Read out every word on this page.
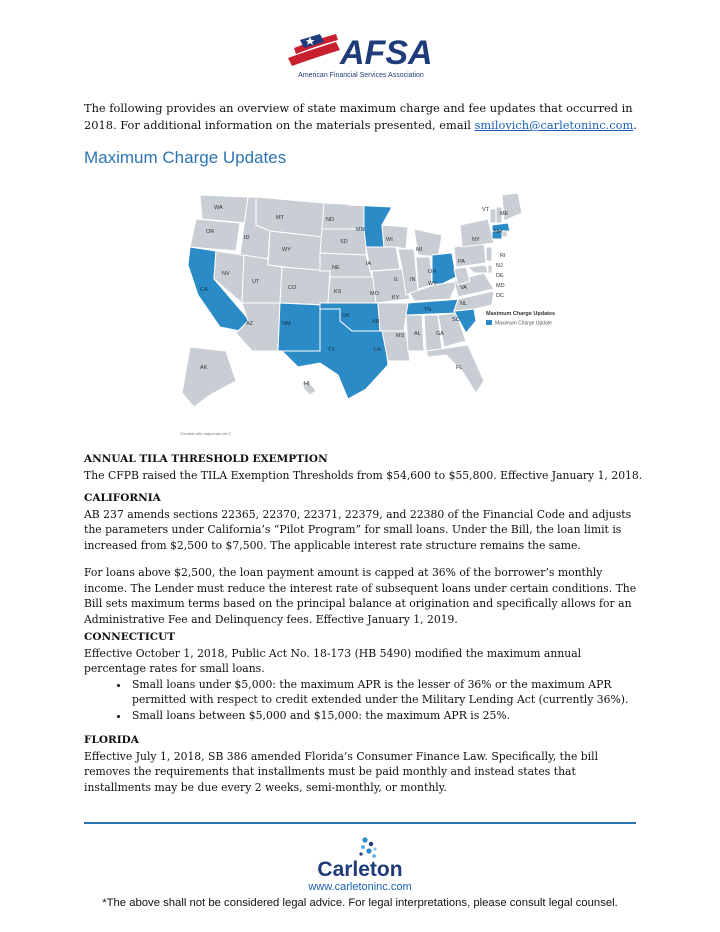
AFSA
American Financial Services Association
The following provides an overview of state maximum charge and fee updates that occurred in 2018. For additional information on the materials presented, email smilovich@carletoninc.com.
Maximum Charge Updates
WA
OR
CA
NV
ID
MT
WY
UT
AZ
CO
NM
ND
SD
NE
KS
OK
TX
MN
IA
MO
AR
LA
WI
IL
MI
IN
KY
TN
MS AL	GA
FL
SC
NL
OH
WV
VA
PA
NY
ME
VT
NH
RI
NJ
DE
MD
DC
AK
HI
Maximum Charge Updates
Maximum Charge Update
Created with mapchart.net ©
ANNUAL TILA THRESHOLD EXEMPTION

The CFPB raised the TILA Exemption Thresholds from $54,600 to $55,800. Effective January 1, 2018.

CALIFORNIA

AB 237 amends sections 22365, 22370, 22371, 22379, and 22380 of the Financial Code and adjusts the parameters under California’s “Pilot Program” for small loans. Under the Bill, the loan limit is increased from $2,500 to $7,500. The applicable interest rate structure remains the same.

For loans above $2,500, the loan payment amount is capped at 36% of the borrower’s monthly income. The Lender must reduce the interest rate of subsequent loans under certain conditions. The Bill sets maximum terms based on the principal balance at origination and specifically allows for an Administrative Fee and Delinquency fees. Effective January 1, 2019.

CONNECTICUT

Effective October 1, 2018, Public Act No. 18-173 (HB 5490) modified the maximum annual percentage rates for small loans.

• Small loans under $5,000: the maximum APR is the lesser of 36% or the maximum APR permitted with respect to credit extended under the Military Lending Act (currently 36%).
• Small loans between $5,000 and $15,000: the maximum APR is 25%.
FLORIDA

Effective July 1, 2018, SB 386 amended Florida’s Consumer Finance Law. Specifically, the bill removes the requirements that installments must be paid monthly and instead states that installments may be due every 2 weeks, semi-monthly, or monthly.

Carleton
www.carletoninc.com
*The above shall not be considered legal advice. For legal interpretations, please consult legal counsel.
